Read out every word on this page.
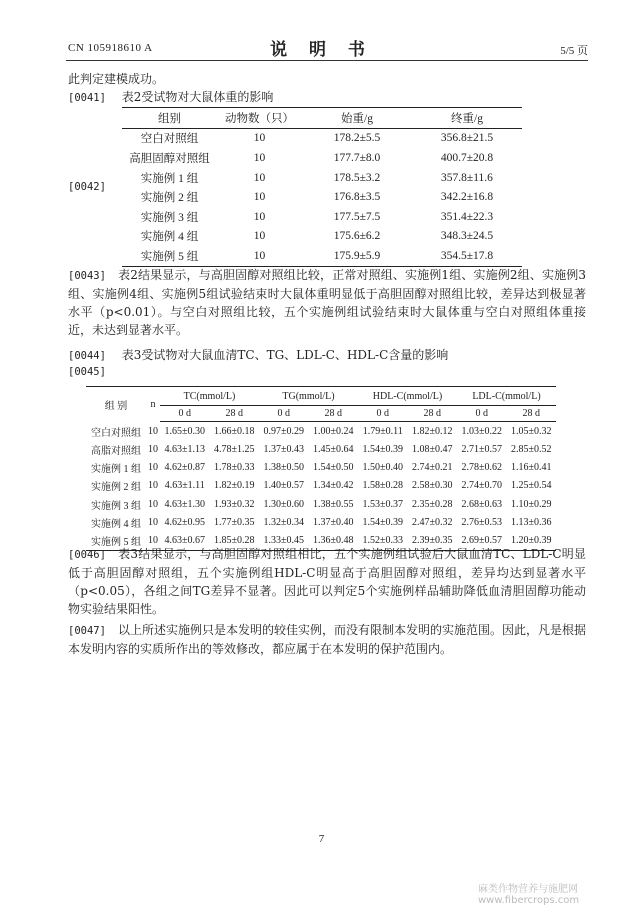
CN 105918610 A	说 明 书	5/5 页
此判定建模成功。
[0041] 表2受试物对大鼠体重的影响
[0042]
组别	动物数（只）	始重/g	终重/g
空白对照组	10	178.2±5.5	356.8±21.5
高胆固醇对照组	10	177.7±8.0	400.7±20.8
实施例 1 组	10	178.5±3.2	357.8±11.6
实施例 2 组	10	176.8±3.5	342.2±16.8
实施例 3 组	10	177.5±7.5	351.4±22.3
实施例 4 组	10	175.6±6.2	348.3±24.5
实施例 5 组	10	175.9±5.9	354.5±17.8
[0043] 表2结果显示，与高胆固醇对照组比较，正常对照组、实施例1组、实施例2组、实施例3组、实施例4组、实施例5组试验结束时大鼠体重明显低于高胆固醇对照组比较，差异达到极显著水平（p<0.01）。与空白对照组比较，五个实施例组试验结束时大鼠体重与空白对照组体重接近，未达到显著水平。
[0044] 表3受试物对大鼠血清TC、TG、LDL-C、HDL-C含量的影响
[0045]
组 别	n	TC(mmol/L)		TG(mmol/L)		HDL-C(mmol/L)		LDL-C(mmol/L)	
		0 d	28 d	0 d	28 d	0 d	28 d	0 d	28 d
空白对照组	10	1.65±0.30	1.66±0.18	0.97±0.29	1.00±0.24	1.79±0.11	1.82±0.12	1.03±0.22	1.05±0.32
高脂对照组	10	4.63±1.13	4.78±1.25	1.37±0.43	1.45±0.64	1.54±0.39	1.08±0.47	2.71±0.57	2.85±0.52
实施例 1 组	10	4.62±0.87	1.78±0.33	1.38±0.50	1.54±0.50	1.50±0.40	2.74±0.21	2.78±0.62	1.16±0.41
实施例 2 组	10	4.63±1.11	1.82±0.19	1.40±0.57	1.34±0.42	1.58±0.28	2.58±0.30	2.74±0.70	1.25±0.54
实施例 3 组	10	4.63±1.30	1.93±0.32	1.30±0.60	1.38±0.55	1.53±0.37	2.35±0.28	2.68±0.63	1.10±0.29
实施例 4 组	10	4.62±0.95	1.77±0.35	1.32±0.34	1.37±0.40	1.54±0.39	2.47±0.32	2.76±0.53	1.13±0.36
实施例 5 组	10	4.63±0.67	1.85±0.28	1.33±0.45	1.36±0.48	1.52±0.33	2.39±0.35	2.69±0.57	1.20±0.39
[0046] 表3结果显示，与高胆固醇对照组相比，五个实施例组试验后大鼠血清TC、LDL-C明显低于高胆固醇对照组，五个实施例组HDL-C明显高于高胆固醇对照组，差异均达到显著水平（p<0.05），各组之间TG差异不显著。因此可以判定5个实施例样品辅助降低血清胆固醇功能动物实验结果阳性。
[0047] 以上所述实施例只是本发明的较佳实例，而没有限制本发明的实施范围。因此，凡是根据本发明内容的实质所作出的等效修改，都应属于在本发明的保护范围内。
7
麻类作物营养与施肥网 www.fibercrops.com
